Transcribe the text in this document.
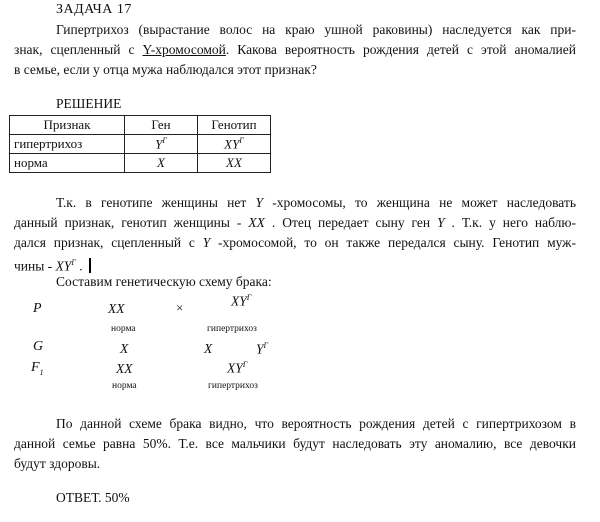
ЗАДАЧА 17
Гипертрихоз (вырастание волос на краю ушной раковины) наследуется как при-
знак, сцепленный с Y-хромосомой. Какова вероятность рождения детей с этой аномалией
в семье, если у отца мужа наблюдался этот признак?
РЕШЕНИЕ
Признак	Ген	Генотип
гипертрихоз	$Y^Г$	$XY^Г$
норма	X	XX
Т.к. в генотипе женщины нет Y -хромосомы, то женщина не может наследовать
данный признак, генотип женщины - XX . Отец передает сыну ген Y . Т.к. у него наблю-
дался признак, сцепленный с Y -хромосомой, то он также передался сыну. Генотип муж-
чины - $XY^Г$ .
Составим генетическую схему брака:
P	XX	×	$XY^Г$
норма	гипертрихоз
G	X	X	$Y^Г$
$F_1$	XX	$XY^Г$
норма	гипертрихоз
По данной схеме брака видно, что вероятность рождения детей с гипертрихозом в
данной семье равна 50%. Т.е. все мальчики будут наследовать эту аномалию, все девочки
будут здоровы.
ОТВЕТ. 50%
